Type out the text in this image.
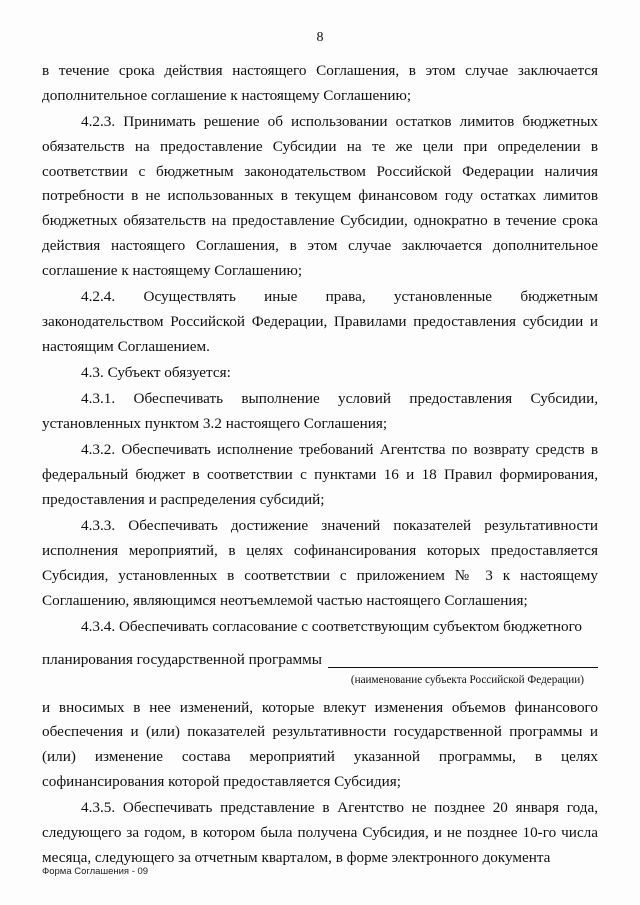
8

в течение срока действия настоящего Соглашения, в этом случае заключается дополнительное соглашение к настоящему Соглашению;

4.2.3. Принимать решение об использовании остатков лимитов бюджетных обязательств на предоставление Субсидии на те же цели при определении в соответствии с бюджетным законодательством Российской Федерации наличия потребности в не использованных в текущем финансовом году остатках лимитов бюджетных обязательств на предоставление Субсидии, однократно в течение срока действия настоящего Соглашения, в этом случае заключается дополнительное соглашение к настоящему Соглашению;

4.2.4. Осуществлять иные права, установленные бюджетным законодательством Российской Федерации, Правилами предоставления субсидии и настоящим Соглашением.

4.3. Субъект обязуется:

4.3.1. Обеспечивать выполнение условий предоставления Субсидии, установленных пунктом 3.2 настоящего Соглашения;

4.3.2. Обеспечивать исполнение требований Агентства по возврату средств в федеральный бюджет в соответствии с пунктами 16 и 18 Правил формирования, предоставления и распределения субсидий;

4.3.3. Обеспечивать достижение значений показателей результативности исполнения мероприятий, в целях софинансирования которых предоставляется Субсидия, установленных в соответствии с приложением № 3 к настоящему Соглашению, являющимся неотъемлемой частью настоящего Соглашения;

4.3.4. Обеспечивать согласование с соответствующим субъектом бюджетного

планирования государственной программы
(наименование субъекта Российской Федерации)

и вносимых в нее изменений, которые влекут изменения объемов финансового обеспечения и (или) показателей результативности государственной программы и (или) изменение состава мероприятий указанной программы, в целях софинансирования которой предоставляется Субсидия;

4.3.5. Обеспечивать представление в Агентство не позднее 20 января года, следующего за годом, в котором была получена Субсидия, и не позднее 10-го числа месяца, следующего за отчетным кварталом, в форме электронного документа

Форма Соглашения - 09
